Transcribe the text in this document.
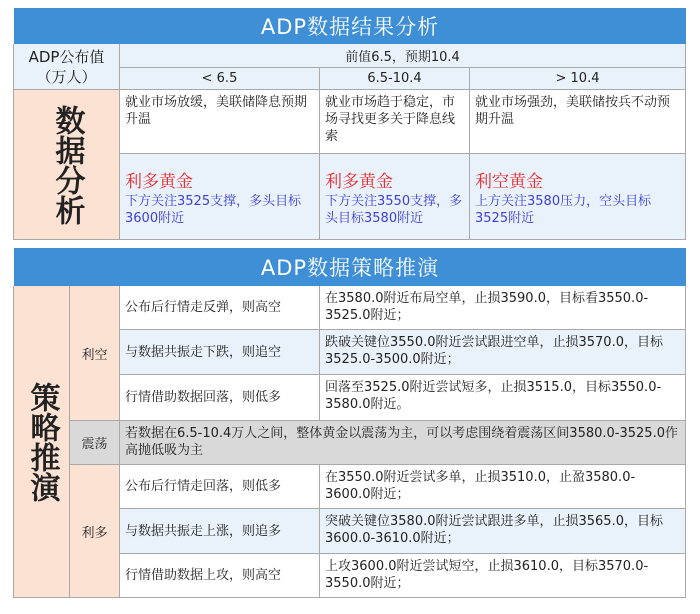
ADP数据结果分析
ADP公布值
（万人）
前值6.5，预期10.4
< 6.5	6.5-10.4	> 10.4
数据分析
就业市场放缓，美联储降息预期升温
就业市场趋于稳定，市场寻找更多关于降息线索
就业市场强劲，美联储按兵不动预期升温
利多黄金
下方关注3525支撑，多头目标3600附近
利多黄金
下方关注3550支撑，多头目标3580附近
利空黄金
上方关注3580压力，空头目标3525附近
ADP数据策略推演
策略推演
利空
公布后行情走反弹，则高空
在3580.0附近布局空单，止损3590.0，目标看3550.0-3525.0附近；
与数据共振走下跌，则追空
跌破关键位3550.0附近尝试跟进空单，止损3570.0，目标3525.0-3500.0附近；
行情借助数据回落，则低多
回落至3525.0附近尝试短多，止损3515.0，目标3550.0-3580.0附近。
震荡
若数据在6.5-10.4万人之间，整体黄金以震荡为主，可以考虑围绕着震荡区间3580.0-3525.0作高抛低吸为主
利多
公布后行情走回落，则低多
在3550.0附近尝试多单，止损3510.0，止盈3580.0-3600.0附近；
与数据共振走上涨，则追多
突破关键位3580.0附近尝试跟进多单，止损3565.0，目标3600.0-3610.0附近；
行情借助数据上攻，则高空
上攻3600.0附近尝试短空，止损3610.0，目标3570.0-3550.0附近；
